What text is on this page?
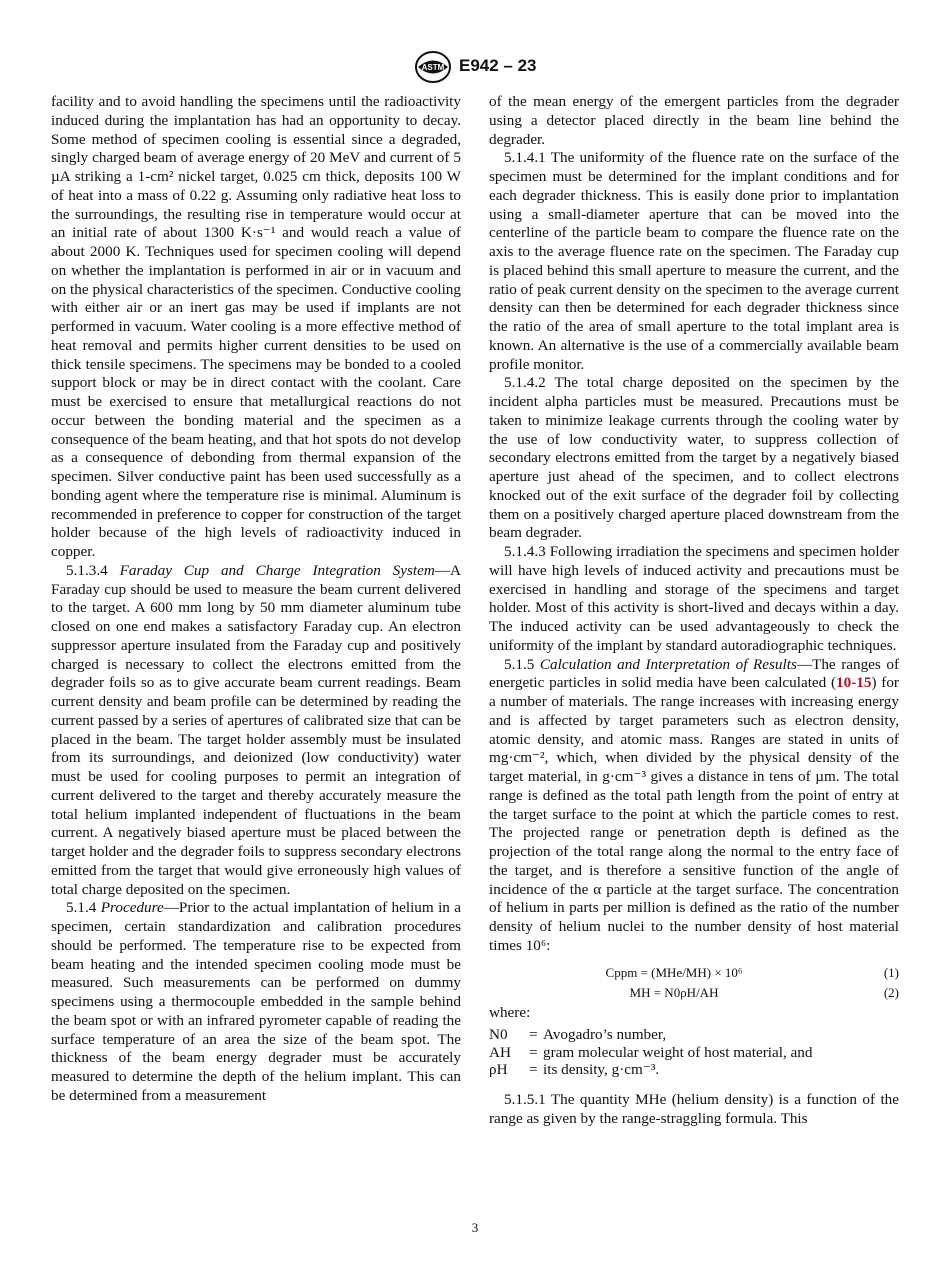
ASTM E942 – 23

facility and to avoid handling the specimens until the radioactivity induced during the implantation has had an opportunity to decay. Some method of specimen cooling is essential since a degraded, singly charged beam of average energy of 20 MeV and current of 5 µA striking a 1-cm² nickel target, 0.025 cm thick, deposits 100 W of heat into a mass of 0.22 g. Assuming only radiative heat loss to the surroundings, the resulting rise in temperature would occur at an initial rate of about 1300 K·s⁻¹ and would reach a value of about 2000 K. Techniques used for specimen cooling will depend on whether the implantation is performed in air or in vacuum and on the physical characteristics of the specimen. Conductive cooling with either air or an inert gas may be used if implants are not performed in vacuum. Water cooling is a more effective method of heat removal and permits higher current densities to be used on thick tensile specimens. The specimens may be bonded to a cooled support block or may be in direct contact with the coolant. Care must be exercised to ensure that metallurgical reactions do not occur between the bonding material and the specimen as a consequence of the beam heating, and that hot spots do not develop as a consequence of debonding from thermal expansion of the specimen. Silver conductive paint has been used successfully as a bonding agent where the temperature rise is minimal. Aluminum is recommended in preference to copper for construction of the target holder because of the high levels of radioactivity induced in copper.

5.1.3.4 Faraday Cup and Charge Integration System—A Faraday cup should be used to measure the beam current delivered to the target. A 600 mm long by 50 mm diameter aluminum tube closed on one end makes a satisfactory Faraday cup. An electron suppressor aperture insulated from the Faraday cup and positively charged is necessary to collect the electrons emitted from the degrader foils so as to give accurate beam current readings. Beam current density and beam profile can be determined by reading the current passed by a series of apertures of calibrated size that can be placed in the beam. The target holder assembly must be insulated from its surroundings, and deionized (low conductivity) water must be used for cooling purposes to permit an integration of current delivered to the target and thereby accurately measure the total helium implanted independent of fluctuations in the beam current. A negatively biased aperture must be placed between the target holder and the degrader foils to suppress secondary electrons emitted from the target that would give erroneously high values of total charge deposited on the specimen.

5.1.4 Procedure—Prior to the actual implantation of helium in a specimen, certain standardization and calibration procedures should be performed. The temperature rise to be expected from beam heating and the intended specimen cooling mode must be measured. Such measurements can be performed on dummy specimens using a thermocouple embedded in the sample behind the beam spot or with an infrared pyrometer capable of reading the surface temperature of an area the size of the beam spot. The thickness of the beam energy degrader must be accurately measured to determine the depth of the helium implant. This can be determined from a measurement

of the mean energy of the emergent particles from the degrader using a detector placed directly in the beam line behind the degrader.

5.1.4.1 The uniformity of the fluence rate on the surface of the specimen must be determined for the implant conditions and for each degrader thickness. This is easily done prior to implantation using a small-diameter aperture that can be moved into the centerline of the particle beam to compare the fluence rate on the axis to the average fluence rate on the specimen. The Faraday cup is placed behind this small aperture to measure the current, and the ratio of peak current density on the specimen to the average current density can then be determined for each degrader thickness since the ratio of the area of small aperture to the total implant area is known. An alternative is the use of a commercially available beam profile monitor.

5.1.4.2 The total charge deposited on the specimen by the incident alpha particles must be measured. Precautions must be taken to minimize leakage currents through the cooling water by the use of low conductivity water, to suppress collection of secondary electrons emitted from the target by a negatively biased aperture just ahead of the specimen, and to collect electrons knocked out of the exit surface of the degrader foil by collecting them on a positively charged aperture placed downstream from the beam degrader.

5.1.4.3 Following irradiation the specimens and specimen holder will have high levels of induced activity and precautions must be exercised in handling and storage of the specimens and target holder. Most of this activity is short-lived and decays within a day. The induced activity can be used advantageously to check the uniformity of the implant by standard autoradiographic techniques.

5.1.5 Calculation and Interpretation of Results—The ranges of energetic particles in solid media have been calculated (10-15) for a number of materials. The range increases with increasing energy and is affected by target parameters such as electron density, atomic density, and atomic mass. Ranges are stated in units of mg·cm⁻², which, when divided by the physical density of the target material, in g·cm⁻³ gives a distance in tens of µm. The total range is defined as the total path length from the point of entry at the target surface to the point at which the particle comes to rest. The projected range or penetration depth is defined as the projection of the total range along the normal to the entry face of the target, and is therefore a sensitive function of the angle of incidence of the α particle at the target surface. The concentration of helium in parts per million is defined as the ratio of the number density of helium nuclei to the number density of host material times 10⁶:

Cppm = (MHe/MH) × 10⁶	(1)
MH = N0ρH/AH	(2)

where:

N0	= Avogadro’s number,
AH	= gram molecular weight of host material, and
ρH	= its density, g·cm⁻³.

5.1.5.1 The quantity MHe (helium density) is a function of the range as given by the range-straggling formula. This

3
